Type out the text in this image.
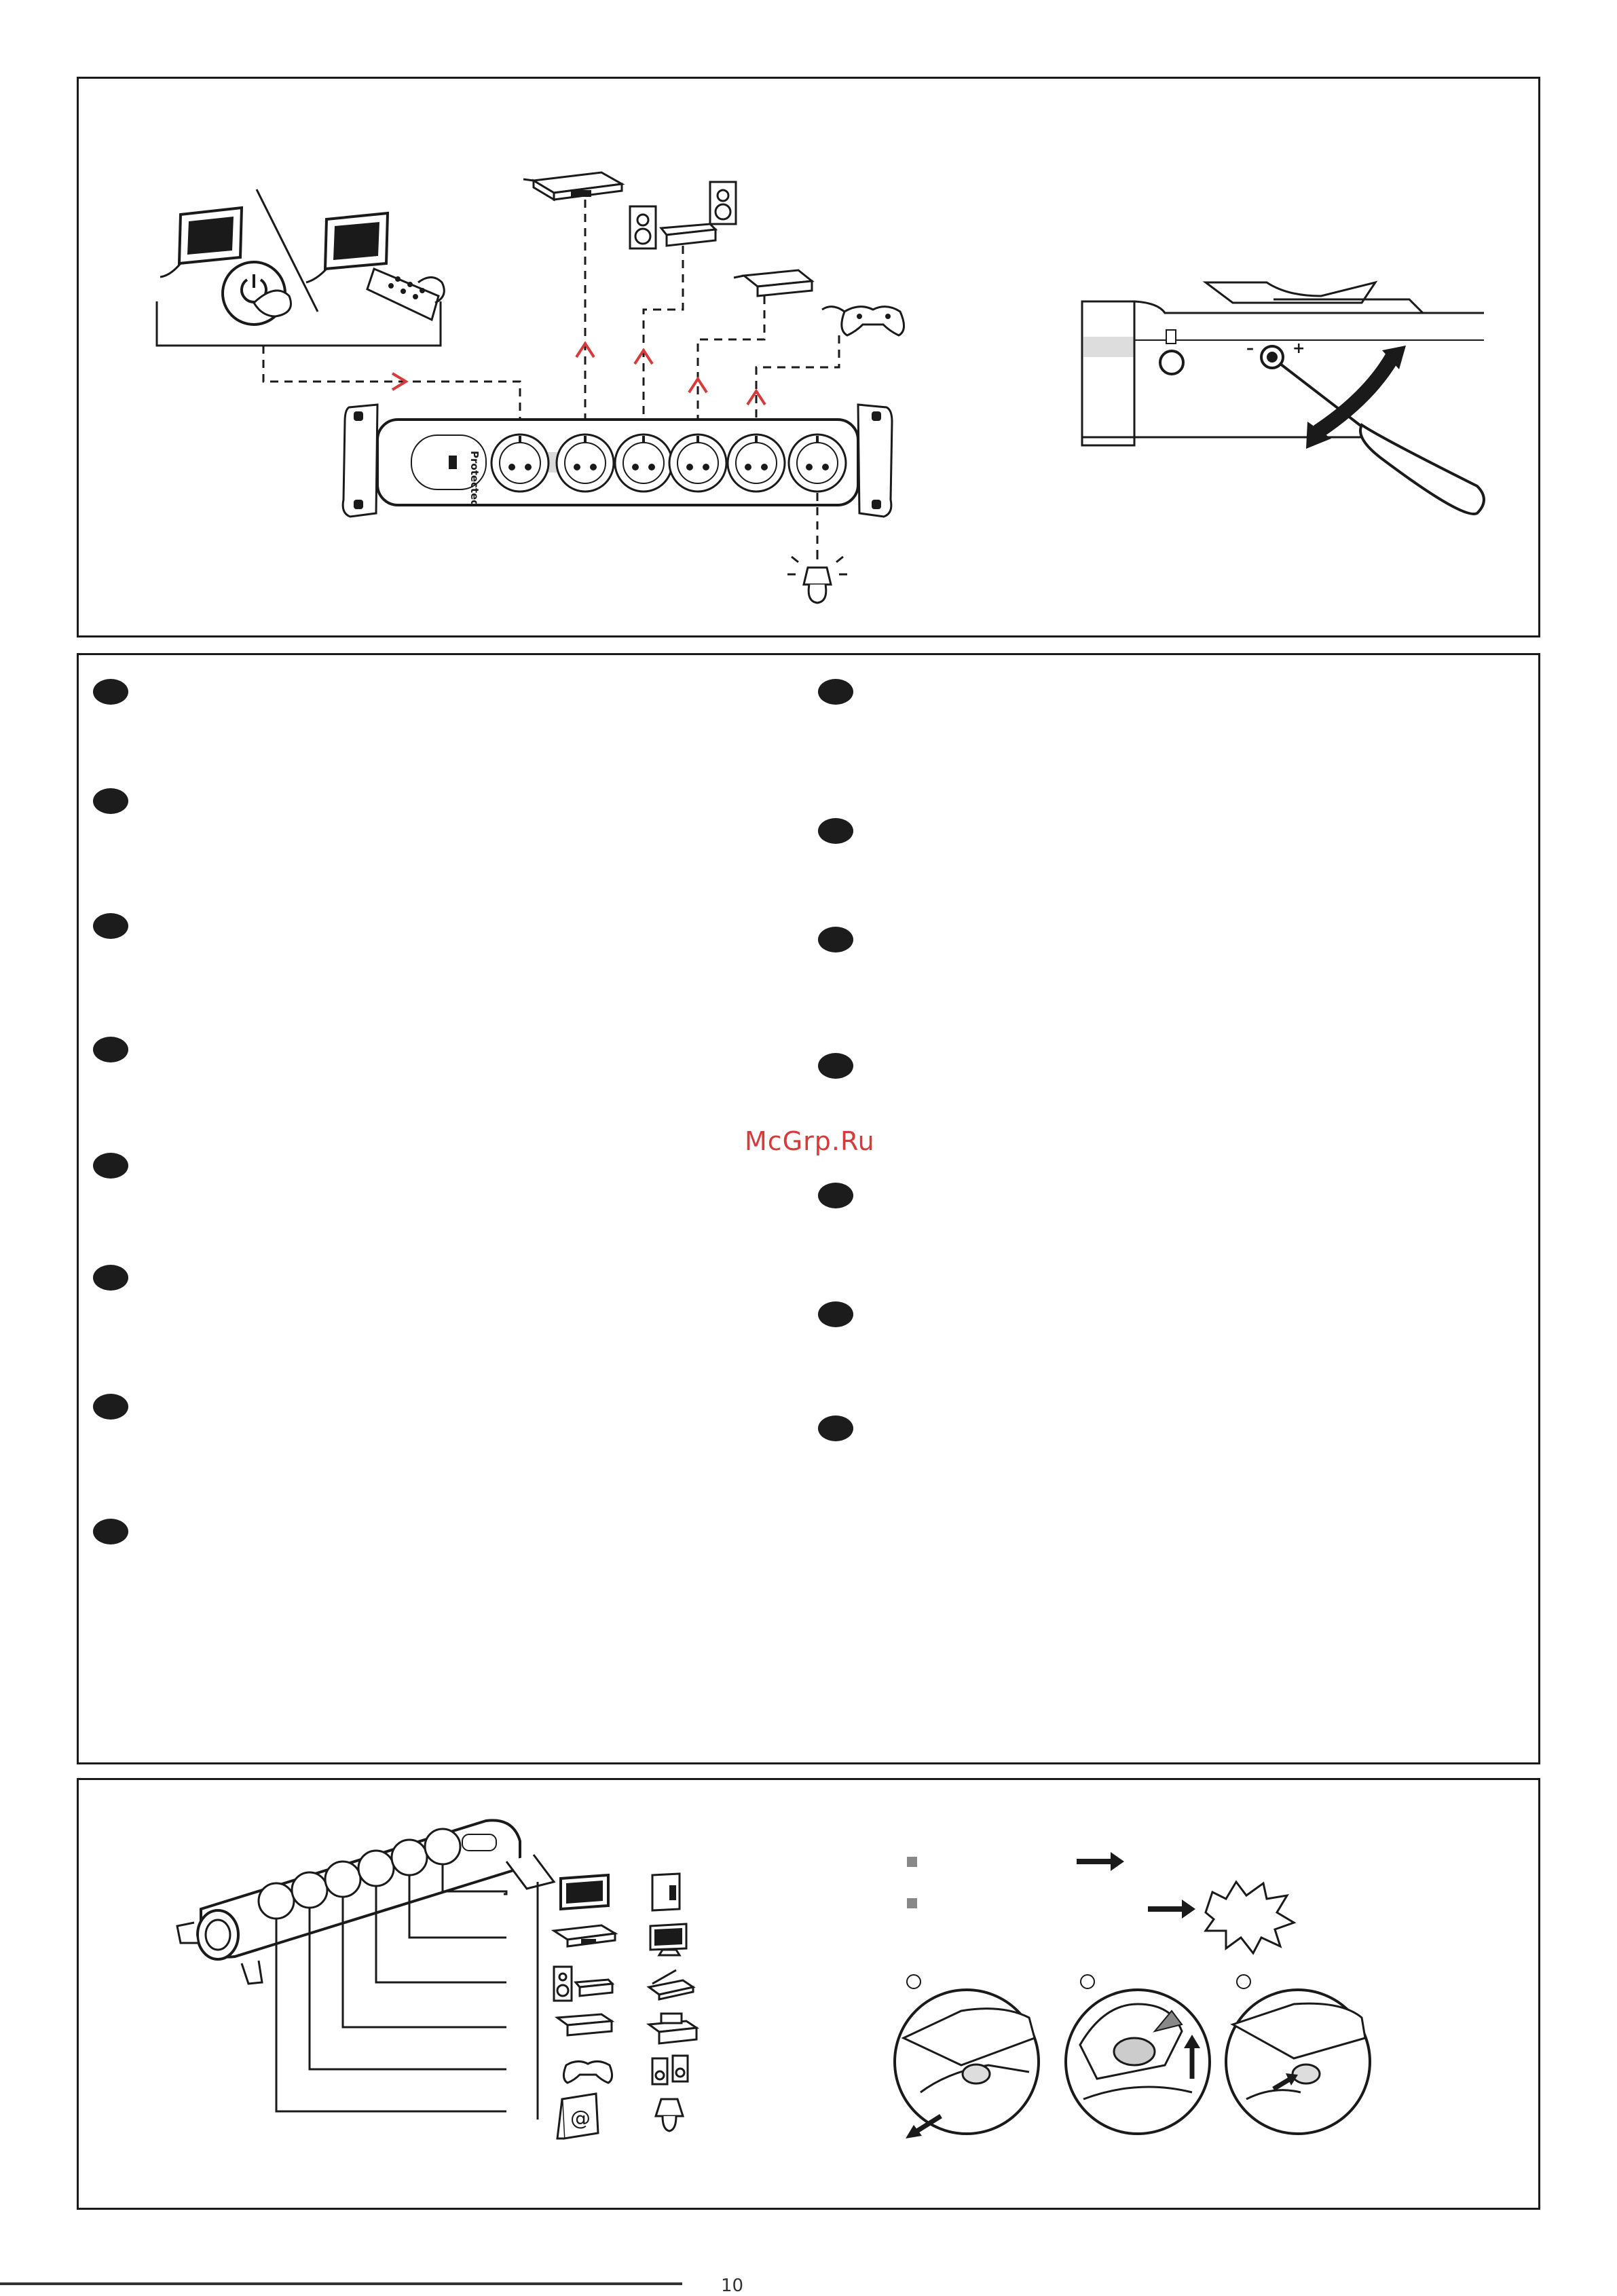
Protected
–	+
McGrp.Ru
@
10
